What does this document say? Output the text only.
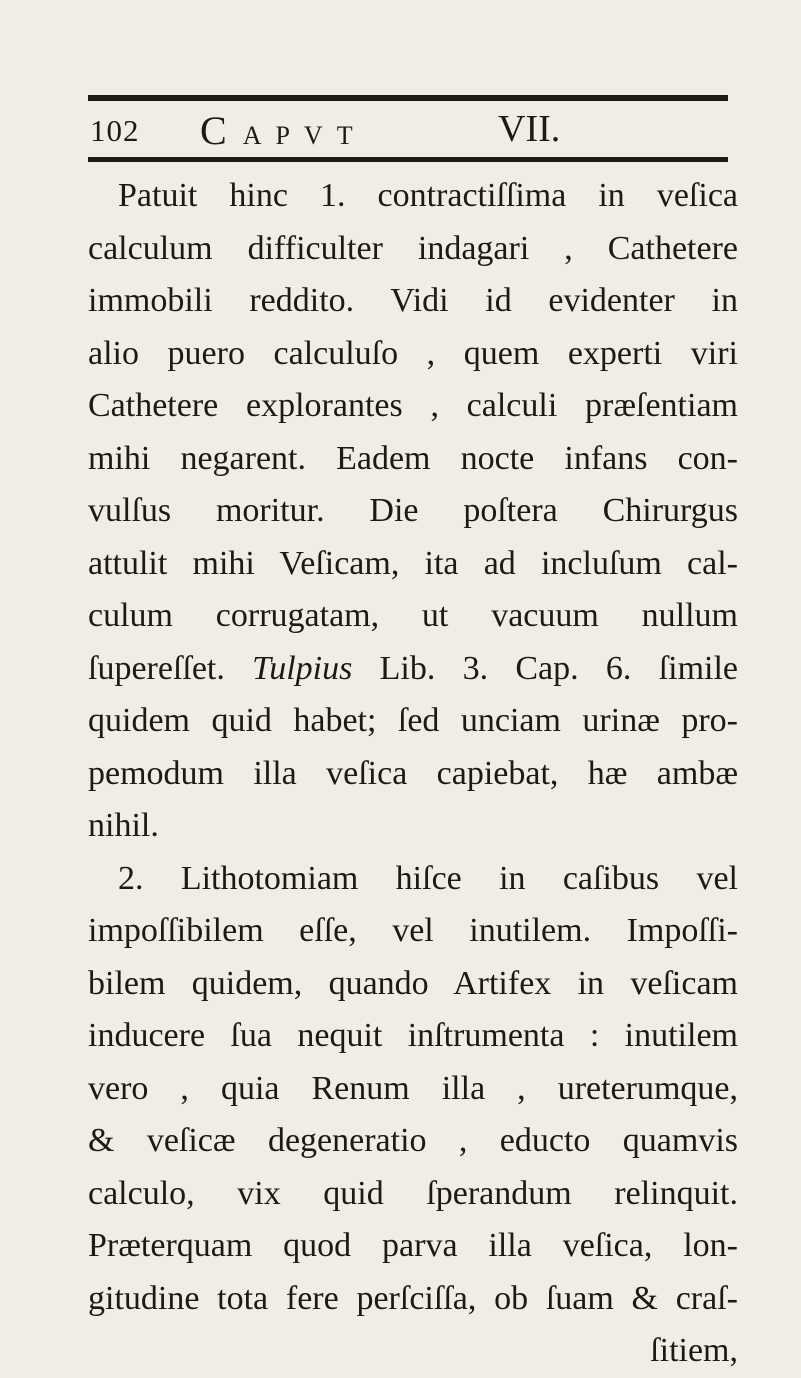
102 CAPVT	VII.
Patuit hinc 1. contractiſſima in veſica
calculum difficulter indagari , Cathetere
immobili reddito. Vidi id evidenter in
alio puero calculuſo , quem experti viri
Cathetere explorantes , calculi præſentiam
mihi negarent. Eadem nocte infans con-
vulſus moritur. Die poſtera Chirurgus
attulit mihi Veſicam, ita ad incluſum cal-
culum corrugatam, ut vacuum nullum
ſupereſſet. Tulpius Lib. 3. Cap. 6. ſimile
quidem quid habet; ſed unciam urinæ pro-
pemodum illa veſica capiebat, hæ ambæ
nihil.
2. Lithotomiam hiſce in caſibus vel
impoſſibilem eſſe, vel inutilem. Impoſſi-
bilem quidem, quando Artifex in veſicam
inducere ſua nequit inſtrumenta : inutilem
vero , quia Renum illa , ureterumque,
& veſicæ degeneratio , educto quamvis
calculo, vix quid ſperandum relinquit.
Præterquam quod parva illa veſica, lon-
gitudine tota fere perſciſſa, ob ſuam & craſ-
ſitiem,
